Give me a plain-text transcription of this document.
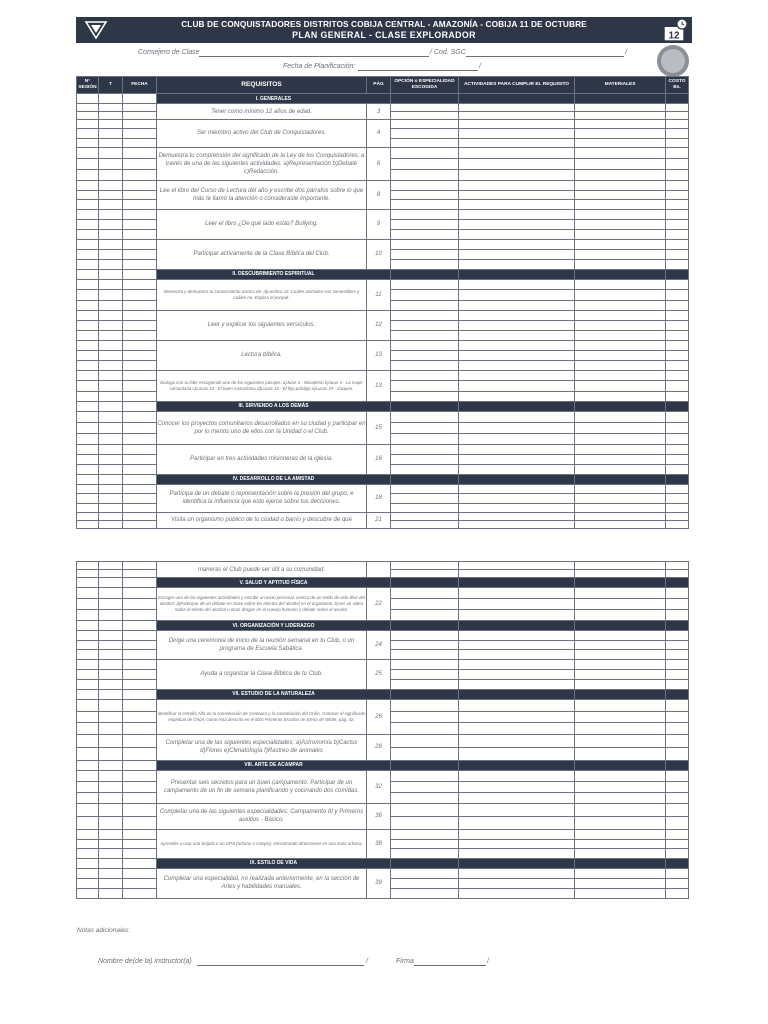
CLUB DE CONQUISTADORES DISTRITOS COBIJA CENTRAL - AMAZONÍA - COBIJA 11 DE OCTUBRE
PLAN GENERAL - CLASE EXPLORADOR	12
Consejero de Clase	/ Cod. SGC	/
Fecha de Planificación:	/
N° SESIÓN	T	FECHA	REQUISITOS	PÁG	OPCIÓN o ESPECIALIDAD ESCOGIDA	ACTIVIDADES PARA CUMPLIR EL REQUISITO	MATERIALES	COSTO Bs.
			I. GENERALES					
			Tener como mínimo 12 años de edad.	3				

			Ser miembro activo del Club de Conquistadores.	4				

			Demuestra tu comprensión del significado de la Ley de los Conquistadores, a través de una de las siguientes actividades. a)Representación b)Debate c)Redacción.	6				

			Lee el libro del Curso de Lectura del año y escribe dos párrafos sobre lo que más te llamó la atención o consideraste importante.	8				

			Leer el libro ¿De qué lado estás? Bullying.	9				

			Participar activamente de la Clase Bíblica del Club.	10				

			II. DESCUBRIMIENTO ESPIRITUAL					
			Memoriza y demuestra tu conocimiento acerca de: a)Levítico 11: Cuáles animales son comestibles y cuáles no. Explica el porqué.	11				

			Leer y explicar los siguientes versículos.	12				

			Lectura bíblica.	13				

			Dialoga con tu líder escogiendo uno de los siguientes pasajes: a)Juan 3 - Nicodemo b)Juan 4 - La mujer samaritana c)Lucas 10 - El buen samaritano d)Lucas 15 - El hijo pródigo e)Lucas 19 - Zaqueo.	13				

			III. SIRVIENDO A LOS DEMÁS					
			Conocer los proyectos comunitarios desarrollados en su ciudad y participar en por lo menos uno de ellos con la Unidad o el Club.	15				

			Participar en tres actividades misioneras de la iglesia.	16				

			IV. DESARROLLO DE LA AMISTAD					
			Participa de un debate o representación sobre la presión del grupo, e identifica la influencia que esto ejerce sobre tus decisiones.	18				

			Visita un organismo público de tu ciudad o barrio y descubre de qué	21				

			maneras el Club puede ser útil a su comunidad.					

			V. SALUD Y APTITUD FÍSICA					
			Escoger una de las siguientes actividades y escribir un texto personal, acerca de un estilo de vida libre del alcohol: a)Participar de un debate en clase sobre los efectos del alcohol en el organismo. b)Ver un video sobre el efecto del alcohol u otras drogas en el cuerpo humano y debatir sobre el asunto.	22				

			VI. ORGANIZACIÓN Y LIDERAZGO					
			Dirige una ceremonia de inicio de la reunión semanal en tu Club, o un programa de Escuela Sabática.	24				

			Ayuda a organizar la Clase Bíblica de tu Club.	25				

			VII. ESTUDIO DE LA NATURALEZA					
			Identificar la estrella Alfa en la constelación de Centauro y la constelación del Orión. Conocer el significado espiritual de Orión, como está descrito en el libro Primeros Escritos de Elena de White, pág. 42.	26				

			Completar una de las siguientes especialidades: a)Astronomía b)Cactus d)Flores e)Climatología f)Rastreo de animales	28				

			VIII. ARTE DE ACAMPAR					
			Presentar seis secretos para un buen campamento. Participar de un campamento de un fin de semana planificando y cocinando dos comidas.	32				

			Completar una de las siguientes especialidades: Campamento III y Primeros auxilios - Básico.	36				

			Aprender a usar una brújula o un GPS (urbano o campo), encontrando direcciones en una zona urbana.	38				

			IX. ESTILO DE VIDA					
			Completar una especialidad, no realizada anteriormente, en la sección de Artes y habilidades manuales.	39				

Notas adicionales:
Nombre de(de la) instructor(a)	/	Firma	/
